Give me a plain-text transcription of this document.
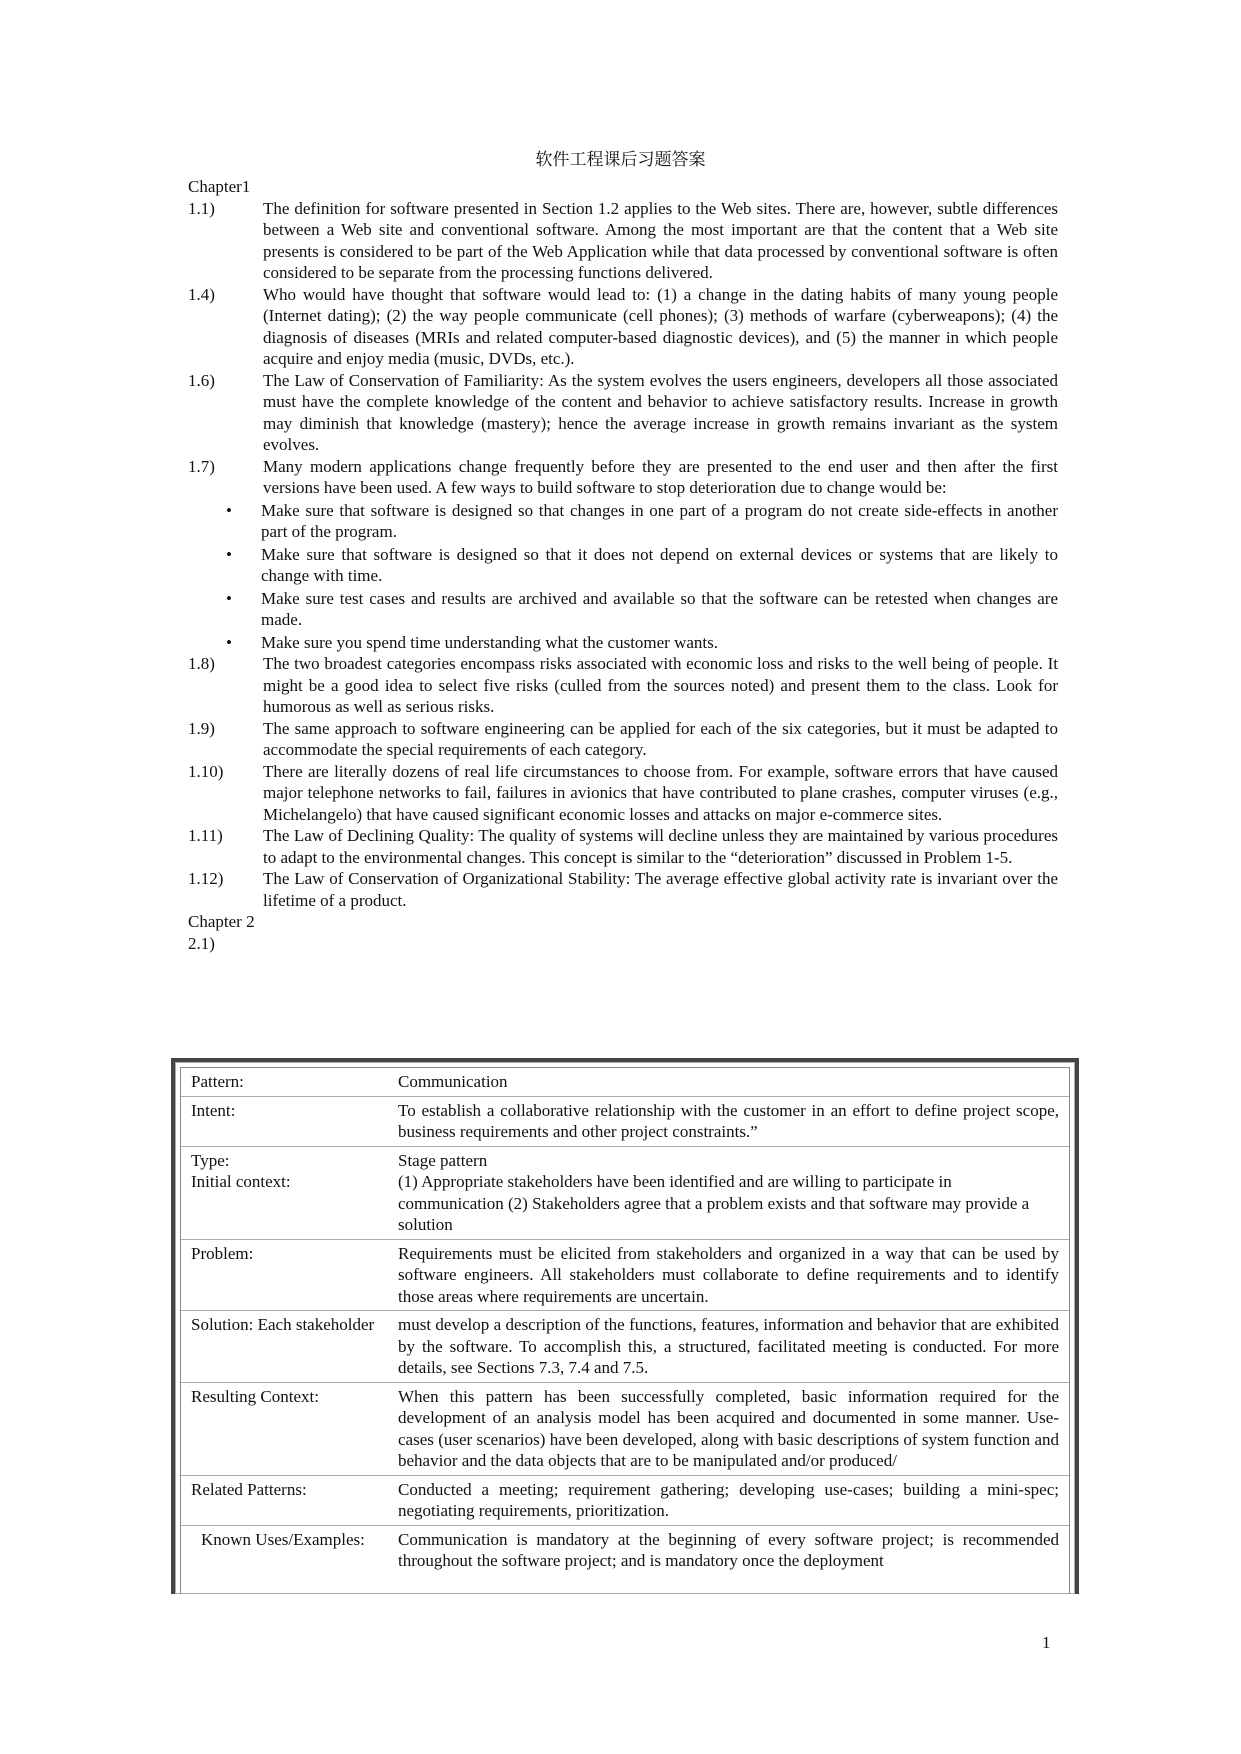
软件工程课后习题答案
Chapter1
1.1)	The definition for software presented in Section 1.2 applies to the Web sites. There are, however, subtle differences between a Web site and conventional software. Among the most important are that the content that a Web site presents is considered to be part of the Web Application while that data processed by conventional software is often considered to be separate from the processing functions delivered.
1.4)	Who would have thought that software would lead to: (1) a change in the dating habits of many young people (Internet dating); (2) the way people communicate (cell phones); (3) methods of warfare (cyberweapons); (4) the diagnosis of diseases (MRIs and related computer-based diagnostic devices), and (5) the manner in which people acquire and enjoy media (music, DVDs, etc.).
1.6)	The Law of Conservation of Familiarity: As the system evolves the users engineers, developers all those associated must have the complete knowledge of the content and behavior to achieve satisfactory results. Increase in growth may diminish that knowledge (mastery); hence the average increase in growth remains invariant as the system evolves.
1.7)	Many modern applications change frequently before they are presented to the end user and then after the first versions have been used. A few ways to build software to stop deterioration due to change would be:
•	Make sure that software is designed so that changes in one part of a program do not create side-effects in another part of the program.
•	Make sure that software is designed so that it does not depend on external devices or systems that are likely to change with time.
•	Make sure test cases and results are archived and available so that the software can be retested when changes are made.
•	Make sure you spend time understanding what the customer wants.
1.8)	The two broadest categories encompass risks associated with economic loss and risks to the well being of people. It might be a good idea to select five risks (culled from the sources noted) and present them to the class. Look for humorous as well as serious risks.
1.9)	The same approach to software engineering can be applied for each of the six categories, but it must be adapted to accommodate the special requirements of each category.
1.10)	There are literally dozens of real life circumstances to choose from. For example, software errors that have caused major telephone networks to fail, failures in avionics that have contributed to plane crashes, computer viruses (e.g., Michelangelo) that have caused significant economic losses and attacks on major e-commerce sites.
1.11)	The Law of Declining Quality: The quality of systems will decline unless they are maintained by various procedures to adapt to the environmental changes. This concept is similar to the “deterioration” discussed in Problem 1-5.
1.12)	The Law of Conservation of Organizational Stability: The average effective global activity rate is invariant over the lifetime of a product.
Chapter 2
2.1)
Pattern:	Communication
Intent:	To establish a collaborative relationship with the customer in an effort to define project scope, business requirements and other project constraints.”
Type:	Stage pattern
Initial context:	(1) Appropriate stakeholders have been identified and are willing to participate in communication (2) Stakeholders agree that a problem exists and that software may provide a solution
Problem:	Requirements must be elicited from stakeholders and organized in a way that can be used by software engineers. All stakeholders must collaborate to define requirements and to identify those areas where requirements are uncertain.
Solution: Each stakeholder	must develop a description of the functions, features, information and behavior that are exhibited by the software. To accomplish this, a structured, facilitated meeting is conducted. For more details, see Sections 7.3, 7.4 and 7.5.
Resulting Context:	When this pattern has been successfully completed, basic information required for the development of an analysis model has been acquired and documented in some manner. Use-cases (user scenarios) have been developed, along with basic descriptions of system function and behavior and the data objects that are to be manipulated and/or produced/
Related Patterns:	Conducted a meeting; requirement gathering; developing use-cases; building a mini-spec; negotiating requirements, prioritization.
Known Uses/Examples:	Communication is mandatory at the beginning of every software project; is recommended throughout the software project; and is mandatory once the deployment
1
